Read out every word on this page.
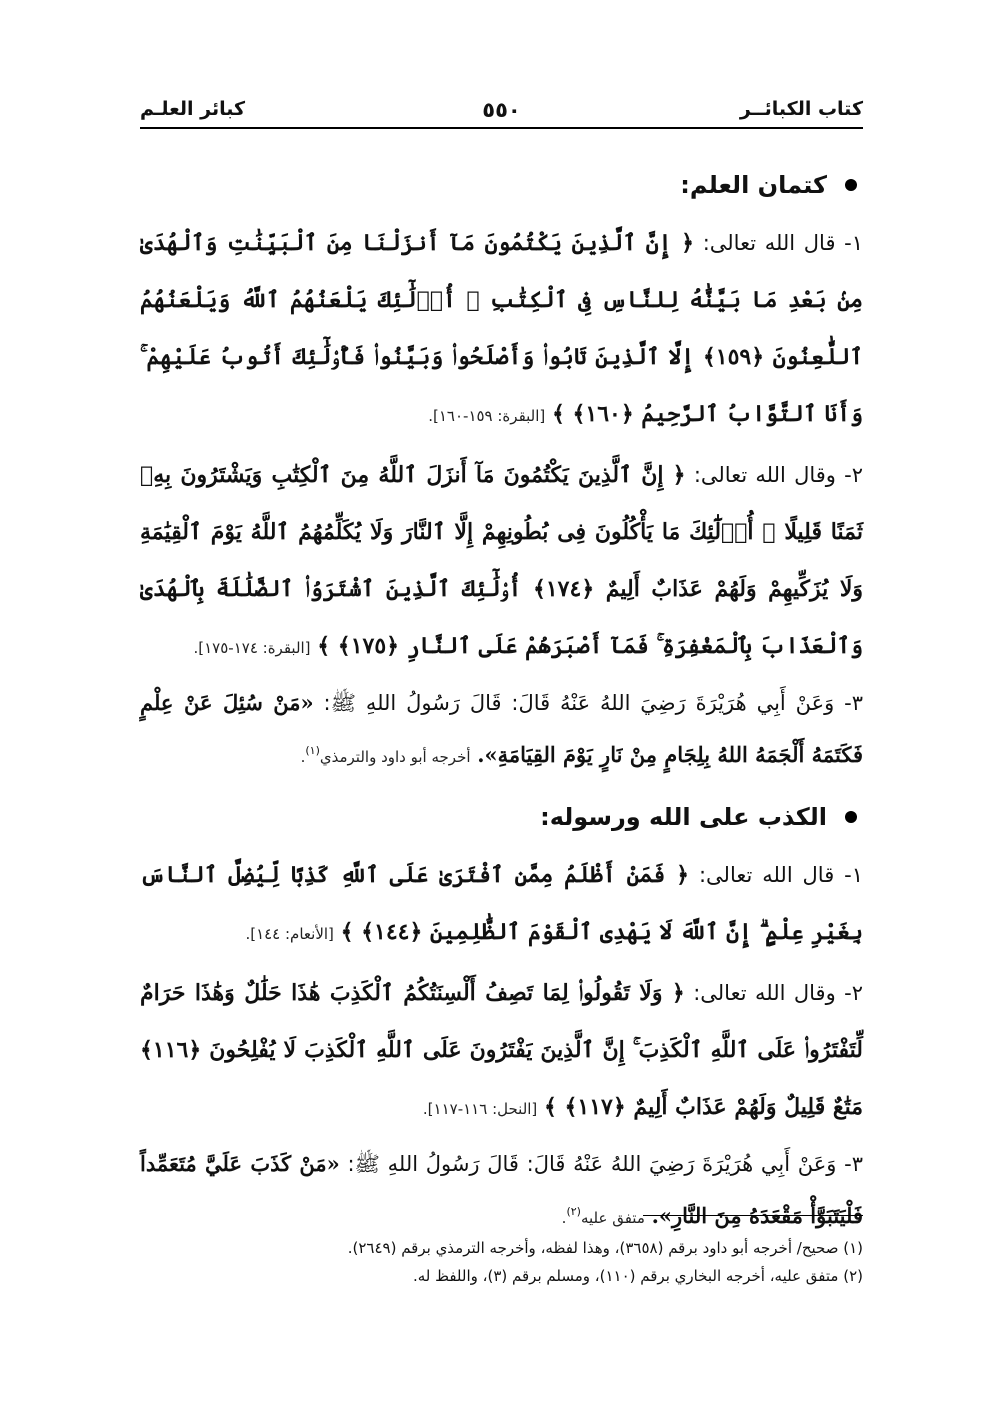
كتاب الكبائــر
٥٥٠
كبائر العلـم
كتمان العلم:
١- قال الله تعالى: ﴿ إِنَّ ٱلَّذِينَ يَكْتُمُونَ مَآ أَنزَلْنَا مِنَ ٱلْبَيِّنَٰتِ وَٱلْهُدَىٰ مِنۢ بَعْدِ مَا بَيَّنَّٰهُ لِلنَّاسِ فِى ٱلْكِتَٰبِ ۙ أُو۟لَٰٓئِكَ يَلْعَنُهُمُ ٱللَّهُ وَيَلْعَنُهُمُ ٱللَّٰعِنُونَ ﴿١٥٩﴾ إِلَّا ٱلَّذِينَ تَابُوا۟ وَأَصْلَحُوا۟ وَبَيَّنُوا۟ فَأُو۟لَٰٓئِكَ أَتُوبُ عَلَيْهِمْ ۚ وَأَنَا ٱلتَّوَّابُ ٱلرَّحِيمُ ﴿١٦٠﴾ ﴾ [البقرة: ١٥٩-١٦٠].
٢- وقال الله تعالى: ﴿ إِنَّ ٱلَّذِينَ يَكْتُمُونَ مَآ أَنزَلَ ٱللَّهُ مِنَ ٱلْكِتَٰبِ وَيَشْتَرُونَ بِهِۦ ثَمَنًا قَلِيلًا ۙ أُو۟لَٰٓئِكَ مَا يَأْكُلُونَ فِى بُطُونِهِمْ إِلَّا ٱلنَّارَ وَلَا يُكَلِّمُهُمُ ٱللَّهُ يَوْمَ ٱلْقِيَٰمَةِ وَلَا يُزَكِّيهِمْ وَلَهُمْ عَذَابٌ أَلِيمٌ ﴿١٧٤﴾ أُو۟لَٰٓئِكَ ٱلَّذِينَ ٱشْتَرَوُا۟ ٱلضَّلَٰلَةَ بِٱلْهُدَىٰ وَٱلْعَذَابَ بِٱلْمَغْفِرَةِ ۚ فَمَآ أَصْبَرَهُمْ عَلَى ٱلنَّارِ ﴿١٧٥﴾ ﴾ [البقرة: ١٧٤-١٧٥].
٣- وَعَنْ أَبِي هُرَيْرَةَ رَضِيَ اللهُ عَنْهُ قَالَ: قَالَ رَسُولُ اللهِ ﷺ: «مَنْ سُئِلَ عَنْ عِلْمٍ فَكَتَمَهُ أَلْجَمَهُ اللهُ بِلِجَامٍ مِنْ نَارٍ يَوْمَ القِيَامَةِ». أخرجه أبو داود والترمذي$^{(١)}$.
الكذب على الله ورسوله:
١- قال الله تعالى: ﴿ فَمَنْ أَظْلَمُ مِمَّنِ ٱفْتَرَىٰ عَلَى ٱللَّهِ كَذِبًا لِّيُضِلَّ ٱلنَّاسَ بِغَيْرِ عِلْمٍ ۗ إِنَّ ٱللَّهَ لَا يَهْدِى ٱلْقَوْمَ ٱلظَّٰلِمِينَ ﴿١٤٤﴾ ﴾ [الأنعام: ١٤٤].
٢- وقال الله تعالى: ﴿ وَلَا تَقُولُوا۟ لِمَا تَصِفُ أَلْسِنَتُكُمُ ٱلْكَذِبَ هَٰذَا حَلَٰلٌ وَهَٰذَا حَرَامٌ لِّتَفْتَرُوا۟ عَلَى ٱللَّهِ ٱلْكَذِبَ ۚ إِنَّ ٱلَّذِينَ يَفْتَرُونَ عَلَى ٱللَّهِ ٱلْكَذِبَ لَا يُفْلِحُونَ ﴿١١٦﴾ مَتَٰعٌ قَلِيلٌ وَلَهُمْ عَذَابٌ أَلِيمٌ ﴿١١٧﴾ ﴾ [النحل: ١١٦-١١٧].
٣- وَعَنْ أَبِي هُرَيْرَةَ رَضِيَ اللهُ عَنْهُ قَالَ: قَالَ رَسُولُ اللهِ ﷺ: «مَنْ كَذَبَ عَلَيَّ مُتَعَمِّداً فَلْيَتَبَوَّأْ مَقْعَدَهُ مِنَ النَّارِ». متفق عليه$^{(٢)}$.
(١) صحيح/ أخرجه أبو داود برقم (٣٦٥٨)، وهذا لفظه، وأخرجه الترمذي برقم (٢٦٤٩).
(٢) متفق عليه، أخرجه البخاري برقم (١١٠)، ومسلم برقم (٣)، واللفظ له.
